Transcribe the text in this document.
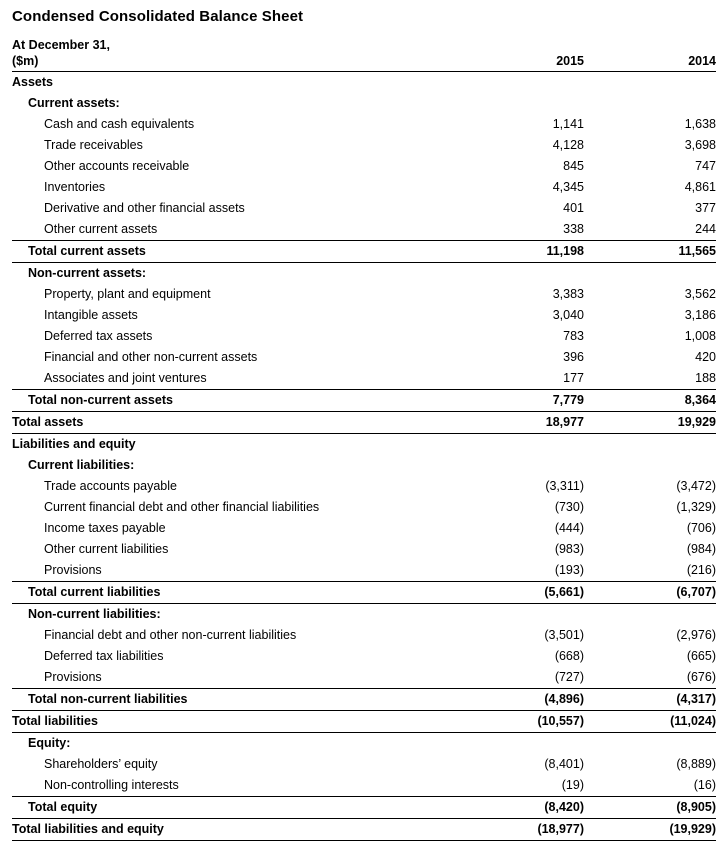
Condensed Consolidated Balance Sheet
At December 31,
($m)	2015	2014
Assets		
Current assets:		
Cash and cash equivalents	1,141	1,638
Trade receivables	4,128	3,698
Other accounts receivable	845	747
Inventories	4,345	4,861
Derivative and other financial assets	401	377
Other current assets	338	244
Total current assets	11,198	11,565
Non-current assets:		
Property, plant and equipment	3,383	3,562
Intangible assets	3,040	3,186
Deferred tax assets	783	1,008
Financial and other non-current assets	396	420
Associates and joint ventures	177	188
Total non-current assets	7,779	8,364
Total assets	18,977	19,929
Liabilities and equity		
Current liabilities:		
Trade accounts payable	(3,311)	(3,472)
Current financial debt and other financial liabilities	(730)	(1,329)
Income taxes payable	(444)	(706)
Other current liabilities	(983)	(984)
Provisions	(193)	(216)
Total current liabilities	(5,661)	(6,707)
Non-current liabilities:		
Financial debt and other non-current liabilities	(3,501)	(2,976)
Deferred tax liabilities	(668)	(665)
Provisions	(727)	(676)
Total non-current liabilities	(4,896)	(4,317)
Total liabilities	(10,557)	(11,024)
Equity:		
Shareholders’ equity	(8,401)	(8,889)
Non-controlling interests	(19)	(16)
Total equity	(8,420)	(8,905)
Total liabilities and equity	(18,977)	(19,929)
